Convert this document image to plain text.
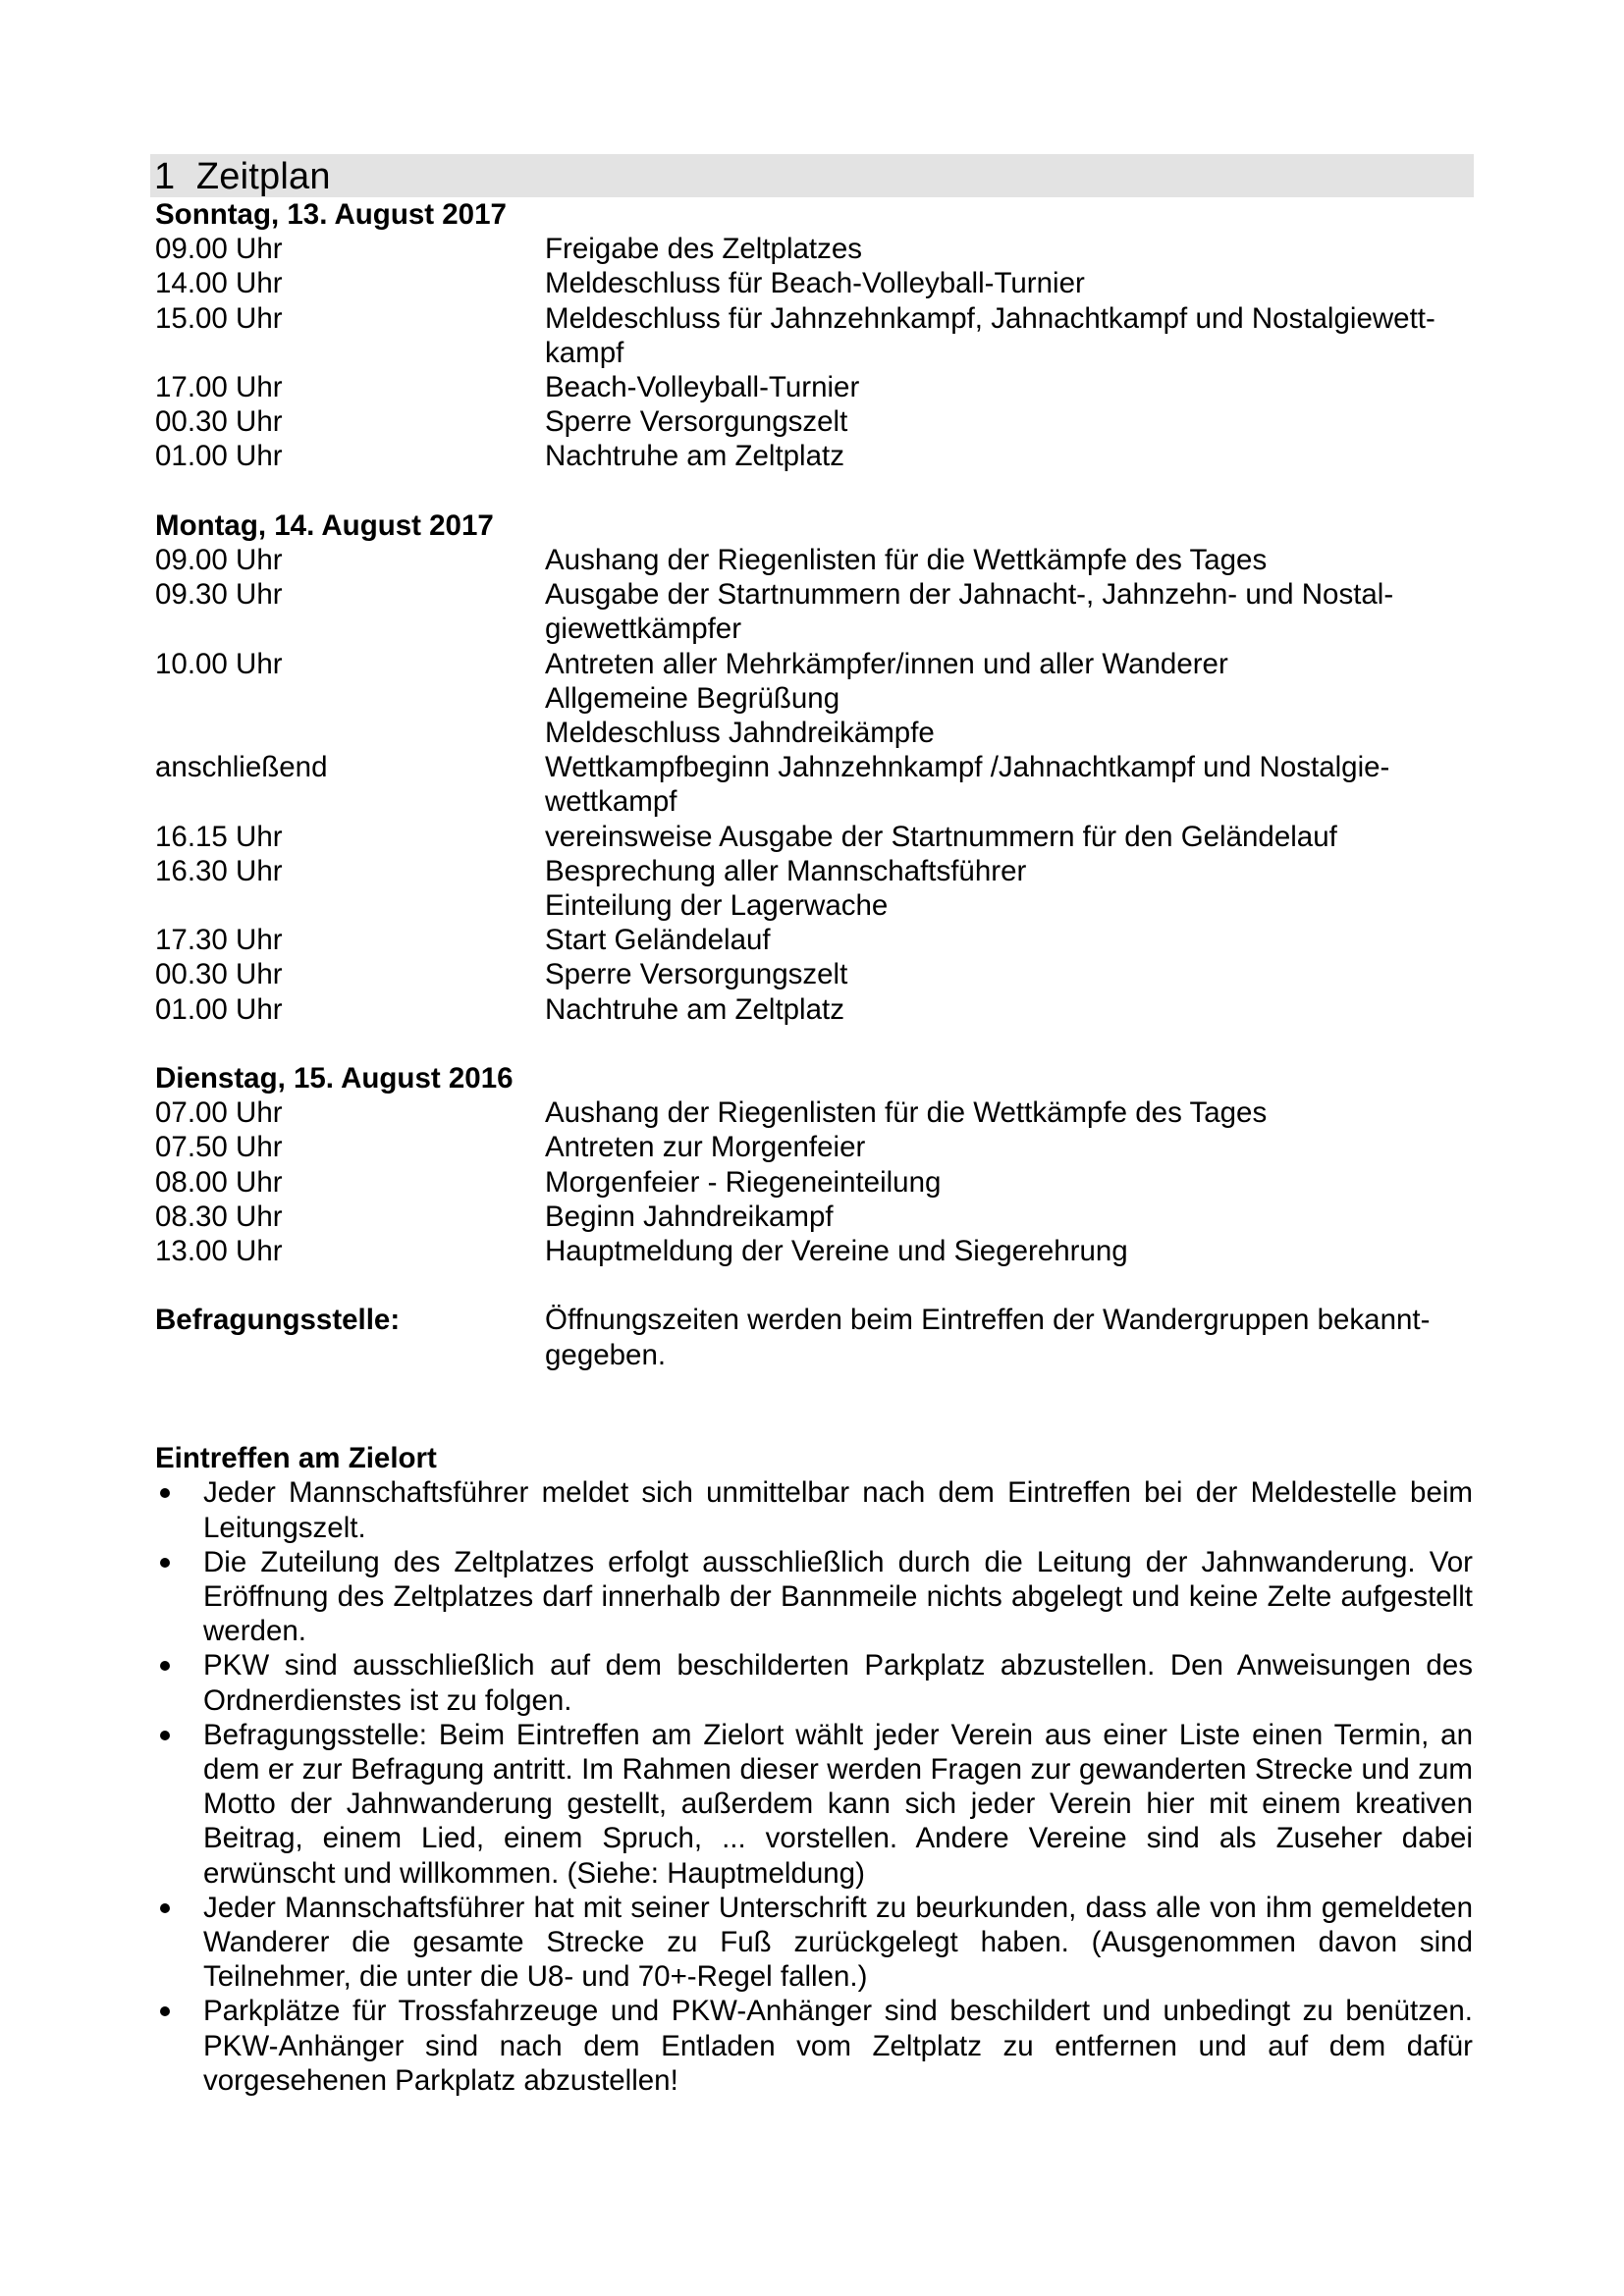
1 Zeitplan
Sonntag, 13. August 2017
09.00 Uhr	Freigabe des Zeltplatzes
14.00 Uhr	Meldeschluss für Beach-Volleyball-Turnier
15.00 Uhr	Meldeschluss für Jahnzehnkampf, Jahnachtkampf und Nostalgiewett-
kampf
17.00 Uhr	Beach-Volleyball-Turnier
00.30 Uhr	Sperre Versorgungszelt
01.00 Uhr	Nachtruhe am Zeltplatz
Montag, 14. August 2017
09.00 Uhr	Aushang der Riegenlisten für die Wettkämpfe des Tages
09.30 Uhr	Ausgabe der Startnummern der Jahnacht-, Jahnzehn- und Nostal-
giewettkämpfer
10.00 Uhr	Antreten aller Mehrkämpfer/innen und aller Wanderer
Allgemeine Begrüßung
Meldeschluss Jahndreikämpfe
anschließend	Wettkampfbeginn Jahnzehnkampf /Jahnachtkampf und Nostalgie-
wettkampf
16.15 Uhr	vereinsweise Ausgabe der Startnummern für den Geländelauf
16.30 Uhr	Besprechung aller Mannschaftsführer
Einteilung der Lagerwache
17.30 Uhr	Start Geländelauf
00.30 Uhr	Sperre Versorgungszelt
01.00 Uhr	Nachtruhe am Zeltplatz
Dienstag, 15. August 2016
07.00 Uhr	Aushang der Riegenlisten für die Wettkämpfe des Tages
07.50 Uhr	Antreten zur Morgenfeier
08.00 Uhr	Morgenfeier - Riegeneinteilung
08.30 Uhr	Beginn Jahndreikampf
13.00 Uhr	Hauptmeldung der Vereine und Siegerehrung
Befragungsstelle:	Öffnungszeiten werden beim Eintreffen der Wandergruppen bekannt-
gegeben.
Eintreffen am Zielort
Jeder Mannschaftsführer meldet sich unmittelbar nach dem Eintreffen bei der Meldestelle beim Leitungszelt.
Die Zuteilung des Zeltplatzes erfolgt ausschließlich durch die Leitung der Jahnwanderung. Vor Eröffnung des Zeltplatzes darf innerhalb der Bannmeile nichts abgelegt und keine Zelte aufgestellt werden.
PKW sind ausschließlich auf dem beschilderten Parkplatz abzustellen. Den Anweisungen des Ordnerdienstes ist zu folgen.
Befragungsstelle: Beim Eintreffen am Zielort wählt jeder Verein aus einer Liste einen Termin, an dem er zur Befragung antritt. Im Rahmen dieser werden Fragen zur gewanderten Strecke und zum Motto der Jahnwanderung gestellt, außerdem kann sich jeder Verein hier mit einem kreativen Beitrag, einem Lied, einem Spruch, ... vorstellen. Andere Vereine sind als Zuseher dabei erwünscht und willkommen. (Siehe: Hauptmeldung)
Jeder Mannschaftsführer hat mit seiner Unterschrift zu beurkunden, dass alle von ihm gemeldeten Wanderer die gesamte Strecke zu Fuß zurückgelegt haben. (Ausgenommen davon sind Teilnehmer, die unter die U8- und 70+-Regel fallen.)
Parkplätze für Trossfahrzeuge und PKW-Anhänger sind beschildert und unbedingt zu benützen. PKW-Anhänger sind nach dem Entladen vom Zeltplatz zu entfernen und auf dem dafür vorgesehenen Parkplatz abzustellen!
